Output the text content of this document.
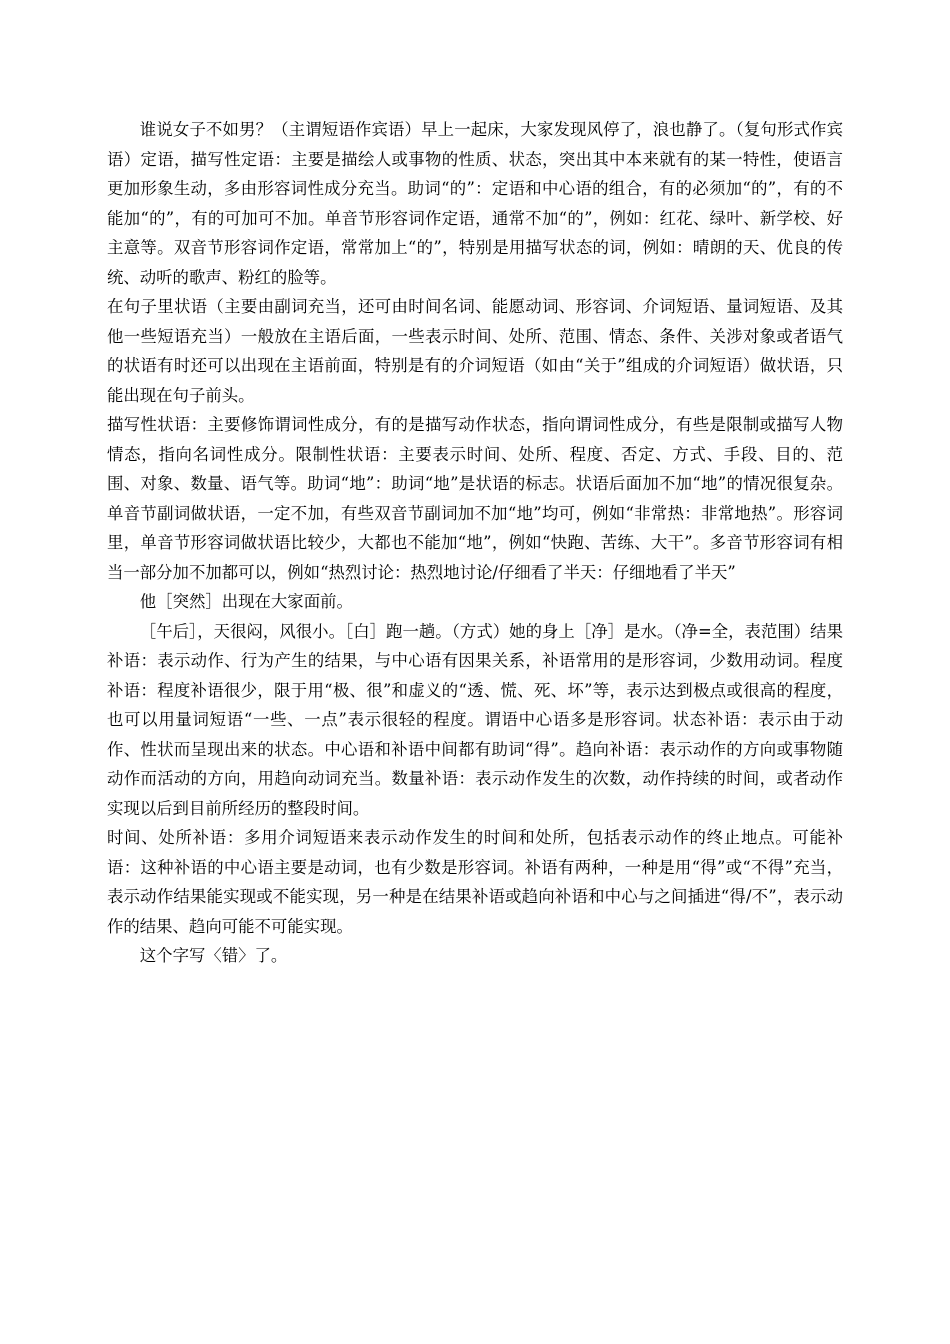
谁说女子不如男？（主谓短语作宾语）早上一起床，大家发现风停了，浪也静了。（复句形式作宾语）定语，描写性定语：主要是描绘人或事物的性质、状态，突出其中本来就有的某一特性，使语言更加形象生动，多由形容词性成分充当。助词“的”：定语和中心语的组合，有的必须加“的”，有的不能加“的”，有的可加可不加。单音节形容词作定语，通常不加“的”，例如：红花、绿叶、新学校、好主意等。双音节形容词作定语，常常加上“的”，特别是用描写状态的词，例如：晴朗的天、优良的传统、动听的歌声、粉红的脸等。

在句子里状语（主要由副词充当，还可由时间名词、能愿动词、形容词、介词短语、量词短语、及其他一些短语充当）一般放在主语后面，一些表示时间、处所、范围、情态、条件、关涉对象或者语气的状语有时还可以出现在主语前面，特别是有的介词短语（如由“关于”组成的介词短语）做状语，只能出现在句子前头。

描写性状语：主要修饰谓词性成分，有的是描写动作状态，指向谓词性成分，有些是限制或描写人物情态，指向名词性成分。限制性状语：主要表示时间、处所、程度、否定、方式、手段、目的、范围、对象、数量、语气等。助词“地”：助词“地”是状语的标志。状语后面加不加“地”的情况很复杂。单音节副词做状语，一定不加，有些双音节副词加不加“地”均可，例如“非常热：非常地热”。形容词里，单音节形容词做状语比较少，大都也不能加“地”，例如“快跑、苦练、大干”。多音节形容词有相当一部分加不加都可以，例如“热烈讨论：热烈地讨论/仔细看了半天：仔细地看了半天”

他［突然］出现在大家面前。

［午后］，天很闷，风很小。［白］跑一趟。（方式）她的身上［净］是水。（净=全，表范围）结果补语：表示动作、行为产生的结果，与中心语有因果关系，补语常用的是形容词，少数用动词。程度补语：程度补语很少，限于用“极、很”和虚义的“透、慌、死、坏”等，表示达到极点或很高的程度，也可以用量词短语“一些、一点”表示很轻的程度。谓语中心语多是形容词。状态补语：表示由于动作、性状而呈现出来的状态。中心语和补语中间都有助词“得”。趋向补语：表示动作的方向或事物随动作而活动的方向，用趋向动词充当。数量补语：表示动作发生的次数，动作持续的时间，或者动作实现以后到目前所经历的整段时间。

时间、处所补语：多用介词短语来表示动作发生的时间和处所，包括表示动作的终止地点。可能补语：这种补语的中心语主要是动词，也有少数是形容词。补语有两种，一种是用“得”或“不得”充当，表示动作结果能实现或不能实现，另一种是在结果补语或趋向补语和中心与之间插进“得/不”，表示动作的结果、趋向可能不可能实现。

这个字写〈错〉了。
